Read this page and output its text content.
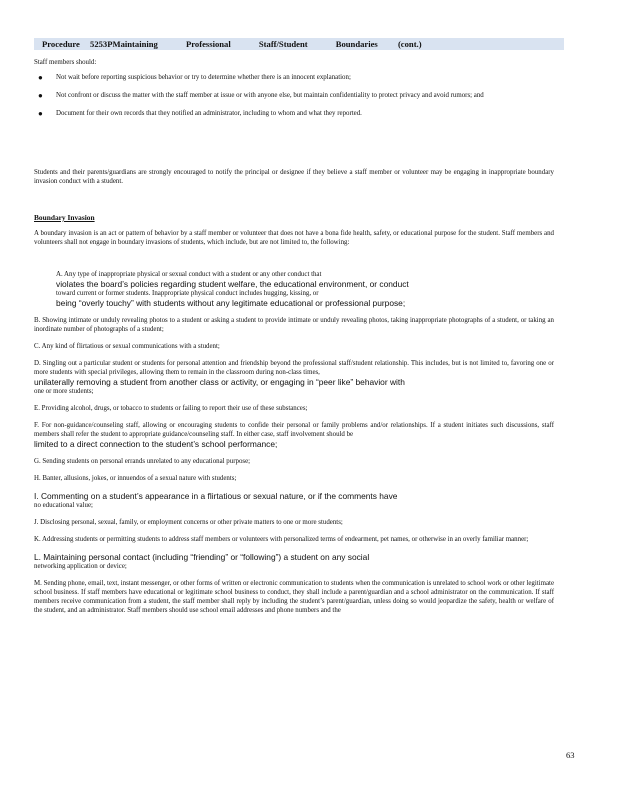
Procedure 5253PMaintaining	Professional	Staff/Student	Boundaries (cont.)
Staff members should:
● Not wait before reporting suspicious behavior or try to determine whether there is an innocent explanation;
● Not confront or discuss the matter with the staff member at issue or with anyone else, but maintain confidentiality to protect privacy and avoid rumors; and
● Document for their own records that they notified an administrator, including to whom and what they reported.
Students and their parents/guardians are strongly encouraged to notify the principal or designee if they believe a staff member or volunteer may be engaging in inappropriate boundary invasion conduct with a student.
Boundary Invasion
A boundary invasion is an act or pattern of behavior by a staff member or volunteer that does not have a bona fide health, safety, or educational purpose for the student. Staff members and volunteers shall not engage in boundary invasions of students, which include, but are not limited to, the following:
A. Any type of inappropriate physical or sexual conduct with a student or any other conduct that
violates the board’s policies regarding student welfare, the educational environment, or conduct
toward current or former students. Inappropriate physical conduct includes hugging, kissing, or
being “overly touchy” with students without any legitimate educational or professional purpose;
B. Showing intimate or unduly revealing photos to a student or asking a student to provide intimate or unduly revealing photos, taking inappropriate photographs of a student, or taking an inordinate number of photographs of a student;
C. Any kind of flirtatious or sexual communications with a student;
D. Singling out a particular student or students for personal attention and friendship beyond the professional staff/student relationship. This includes, but is not limited to, favoring one or more students with special privileges, allowing them to remain in the classroom during non-class times,
unilaterally removing a student from another class or activity, or engaging in “peer like” behavior with
one or more students;
E. Providing alcohol, drugs, or tobacco to students or failing to report their use of these substances;
F. For non-guidance/counseling staff, allowing or encouraging students to confide their personal or family problems and/or relationships. If a student initiates such discussions, staff members shall refer the student to appropriate guidance/counseling staff. In either case, staff involvement should be
limited to a direct connection to the student’s school performance;
G. Sending students on personal errands unrelated to any educational purpose;
H. Banter, allusions, jokes, or innuendos of a sexual nature with students;
I. Commenting on a student’s appearance in a flirtatious or sexual nature, or if the comments have
no educational value;
J. Disclosing personal, sexual, family, or employment concerns or other private matters to one or more students;
K. Addressing students or permitting students to address staff members or volunteers with personalized terms of endearment, pet names, or otherwise in an overly familiar manner;
L. Maintaining personal contact (including “friending” or “following”) a student on any social
networking application or device;
M. Sending phone, email, text, instant messenger, or other forms of written or electronic communication to students when the communication is unrelated to school work or other legitimate school business. If staff members have educational or legitimate school business to conduct, they shall include a parent/guardian and a school administrator on the communication. If staff members receive communication from a student, the staff member shall reply by including the student’s parent/guardian, unless doing so would jeopardize the safety, health or welfare of the student, and an administrator. Staff members should use school email addresses and phone numbers and the
63
